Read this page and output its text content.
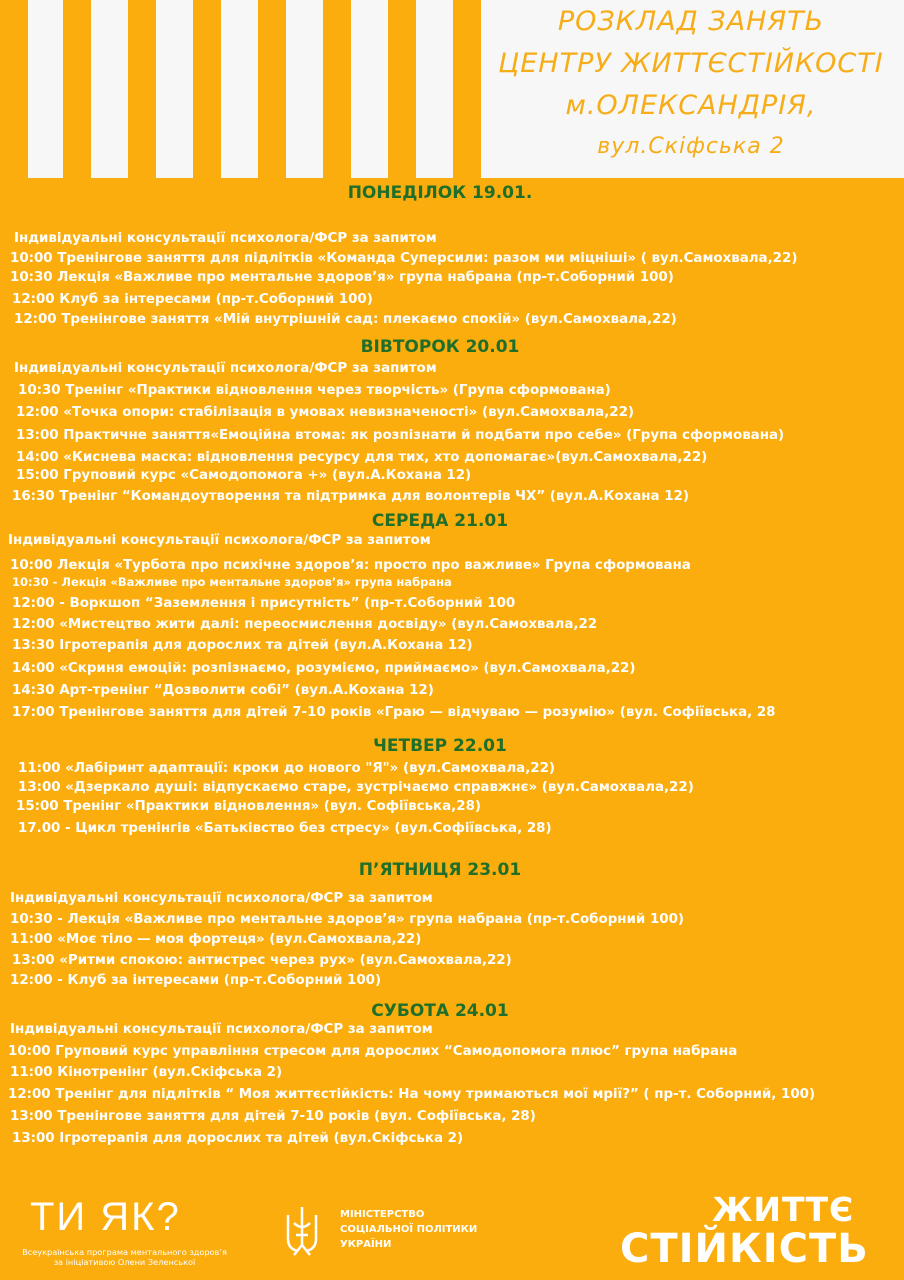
РОЗКЛАД ЗАНЯТЬ
ЦЕНТРУ ЖИТТЄСТІЙКОСТІ
м.ОЛЕКСАНДРІЯ,
вул.Скіфська 2
ПОНЕДІЛОК 19.01.
Індивідуальні консультації психолога/ФСР за запитом
10:00 Тренінгове заняття для підлітків «Команда Суперсили: разом ми міцніші» ( вул.Самохвала,22)
10:30 Лекція «Важливе про ментальне здоров’я» група набрана (пр-т.Соборний 100)
12:00 Клуб за інтересами (пр-т.Соборний 100)
12:00 Тренінгове заняття «Мій внутрішній сад: плекаємо спокій» (вул.Самохвала,22)
ВІВТОРОК 20.01
Індивідуальні консультації психолога/ФСР за запитом
10:30 Тренінг «Практики відновлення через творчість» (Група сформована)
12:00 «Точка опори: стабілізація в умовах невизначеності» (вул.Самохвала,22)
13:00 Практичне заняття«Емоційна втома: як розпізнати й подбати про себе» (Група сформована)
14:00 «Киснева маска: відновлення ресурсу для тих, хто допомагає»(вул.Самохвала,22)
15:00 Груповий курс «Самодопомога +» (вул.А.Кохана 12)
16:30 Тренінг “Командоутворення та підтримка для волонтерів ЧХ” (вул.А.Кохана 12)
СЕРЕДА 21.01
Індивідуальні консультації психолога/ФСР за запитом
10:00 Лекція «Турбота про психічне здоров’я: просто про важливе» Група сформована
10:30 - Лекція «Важливе про ментальне здоров’я» група набрана
12:00 - Воркшоп “Заземлення і присутність” (пр-т.Соборний 100
12:00 «Мистецтво жити далі: переосмислення досвіду» (вул.Самохвала,22
13:30 Ігротерапія для дорослих та дітей (вул.А.Кохана 12)
14:00 «Скриня емоцій: розпізнаємо, розуміємо, приймаємо» (вул.Самохвала,22)
14:30 Арт-тренінг “Дозволити собі” (вул.А.Кохана 12)
17:00 Тренінгове заняття для дітей 7-10 років «Граю — відчуваю — розумію» (вул. Софіївська, 28
ЧЕТВЕР 22.01
11:00 «Лабіринт адаптації: кроки до нового "Я"» (вул.Самохвала,22)
13:00 «Дзеркало душі: відпускаємо старе, зустрічаємо справжнє» (вул.Самохвала,22)
15:00 Тренінг «Практики відновлення» (вул. Софіївська,28)
17.00 - Цикл тренінгів «Батьківство без стресу» (вул.Софіївська, 28)
П’ЯТНИЦЯ 23.01
Індивідуальні консультації психолога/ФСР за запитом
10:30 - Лекція «Важливе про ментальне здоров’я» група набрана (пр-т.Соборний 100)
11:00 «Моє тіло — моя фортеця» (вул.Самохвала,22)
13:00 «Ритми спокою: антистрес через рух» (вул.Самохвала,22)
12:00 - Клуб за інтересами (пр-т.Соборний 100)
СУБОТА 24.01
Індивідуальні консультації психолога/ФСР за запитом
10:00 Груповий курс управління стресом для дорослих “Самодопомога плюс” група набрана
11:00 Кінотренінг (вул.Скіфська 2)
12:00 Тренінг для підлітків “ Моя життєстійкість: На чому тримаються мої мрії?” ( пр-т. Соборний, 100)
13:00 Тренінгове заняття для дітей 7-10 років (вул. Софіївська, 28)
13:00 Ігротерапія для дорослих та дітей (вул.Скіфська 2)
ТИ ЯК?
Всеукраїнська програма ментального здоров’я
за ініціативою Олени Зеленської
МІНІСТЕРСТВО
СОЦІАЛЬНОЇ ПОЛІТИКИ
УКРАЇНИ
ЖИТТЄ
СТІЙКІСТЬ
